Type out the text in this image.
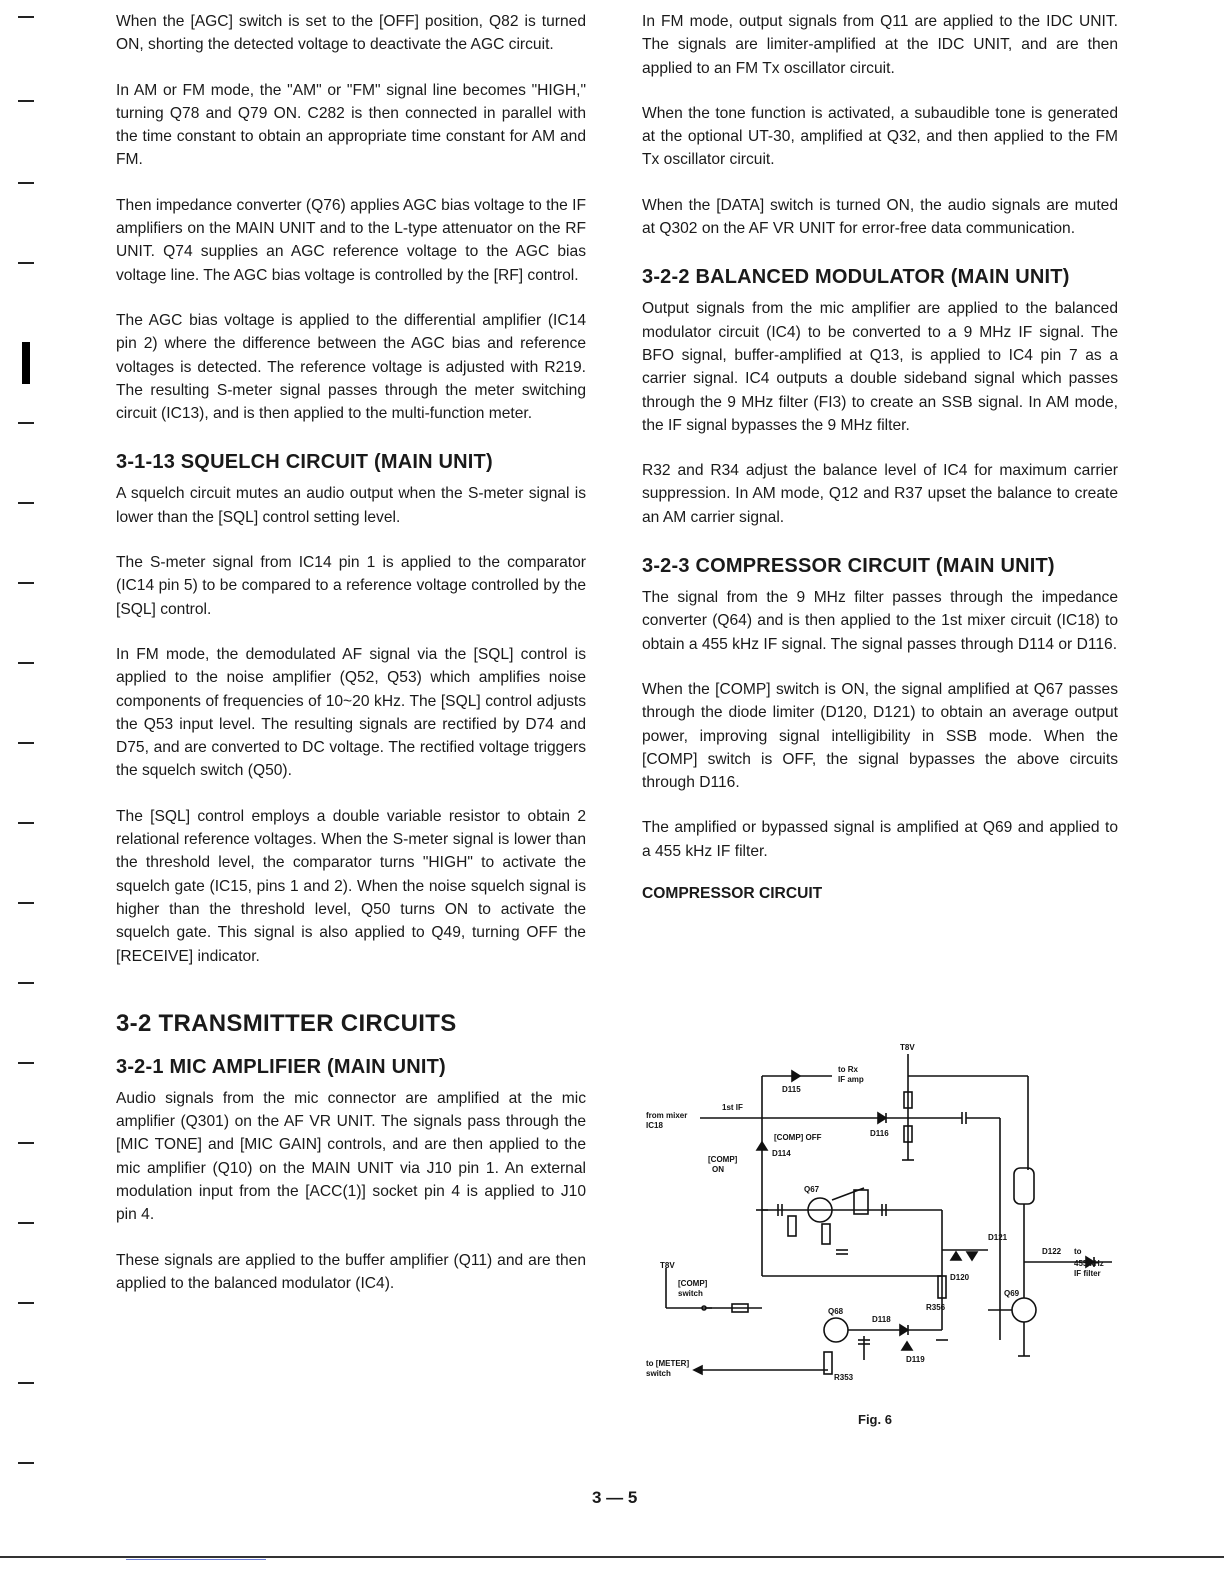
When the [AGC] switch is set to the [OFF] position, Q82 is turned ON, shorting the detected voltage to deactivate the AGC circuit.

In AM or FM mode, the "AM" or "FM" signal line becomes "HIGH," turning Q78 and Q79 ON. C282 is then connected in parallel with the time constant to obtain an appropriate time constant for AM and FM.

Then impedance converter (Q76) applies AGC bias voltage to the IF amplifiers on the MAIN UNIT and to the L-type attenuator on the RF UNIT. Q74 supplies an AGC reference voltage to the AGC bias voltage line. The AGC bias voltage is controlled by the [RF] control.

The AGC bias voltage is applied to the differential amplifier (IC14 pin 2) where the difference between the AGC bias and reference voltages is detected. The reference voltage is adjusted with R219. The resulting S-meter signal passes through the meter switching circuit (IC13), and is then applied to the multi-function meter.

3-1-13 SQUELCH CIRCUIT (MAIN UNIT)

A squelch circuit mutes an audio output when the S-meter signal is lower than the [SQL] control setting level.

The S-meter signal from IC14 pin 1 is applied to the comparator (IC14 pin 5) to be compared to a reference voltage controlled by the [SQL] control.

In FM mode, the demodulated AF signal via the [SQL] control is applied to the noise amplifier (Q52, Q53) which amplifies noise components of frequencies of 10~20 kHz. The [SQL] control adjusts the Q53 input level. The resulting signals are rectified by D74 and D75, and are converted to DC voltage. The rectified voltage triggers the squelch switch (Q50).

The [SQL] control employs a double variable resistor to obtain 2 relational reference voltages. When the S-meter signal is lower than the threshold level, the comparator turns "HIGH" to activate the squelch gate (IC15, pins 1 and 2). When the noise squelch signal is higher than the threshold level, Q50 turns ON to activate the squelch gate. This signal is also applied to Q49, turning OFF the [RECEIVE] indicator.

3-2 TRANSMITTER CIRCUITS
3-2-1 MIC AMPLIFIER (MAIN UNIT)

Audio signals from the mic connector are amplified at the mic amplifier (Q301) on the AF VR UNIT. The signals pass through the [MIC TONE] and [MIC GAIN] controls, and are then applied to the mic amplifier (Q10) on the MAIN UNIT via J10 pin 1. An external modulation input from the [ACC(1)] socket pin 4 is applied to J10 pin 4.

These signals are applied to the buffer amplifier (Q11) and are then applied to the balanced modulator (IC4).

In FM mode, output signals from Q11 are applied to the IDC UNIT. The signals are limiter-amplified at the IDC UNIT, and are then applied to an FM Tx oscillator circuit.

When the tone function is activated, a subaudible tone is generated at the optional UT-30, amplified at Q32, and then applied to the FM Tx oscillator circuit.

When the [DATA] switch is turned ON, the audio signals are muted at Q302 on the AF VR UNIT for error-free data communication.

3-2-2 BALANCED MODULATOR (MAIN UNIT)

Output signals from the mic amplifier are applied to the balanced modulator circuit (IC4) to be converted to a 9 MHz IF signal. The BFO signal, buffer-amplified at Q13, is applied to IC4 pin 7 as a carrier signal. IC4 outputs a double sideband signal which passes through the 9 MHz filter (FI3) to create an SSB signal. In AM mode, the IF signal bypasses the 9 MHz filter.

R32 and R34 adjust the balance level of IC4 for maximum carrier suppression. In AM mode, Q12 and R37 upset the balance to create an AM carrier signal.

3-2-3 COMPRESSOR CIRCUIT (MAIN UNIT)

The signal from the 9 MHz filter passes through the impedance converter (Q64) and is then applied to the 1st mixer circuit (IC18) to obtain a 455 kHz IF signal. The signal passes through D114 or D116.

When the [COMP] switch is ON, the signal amplified at Q67 passes through the diode limiter (D120, D121) to obtain an average output power, improving signal intelligibility in SSB mode. When the [COMP] switch is OFF, the signal bypasses the above circuits through D116.

The amplified or bypassed signal is amplified at Q69 and applied to a 455 kHz IF filter.

COMPRESSOR CIRCUIT
T8V
to Rx
IF amp
D115
1st IF
from mixer
IC18
[COMP] OFF	D116
[COMP]
ON
D114
Q67
D121
D120
D122 to
455 kHz
IF filter
T8V
[COMP]
switch
Q68
D118
R356
Q69
D119
to [METER]
switch	R353
Fig. 6
3 — 5
